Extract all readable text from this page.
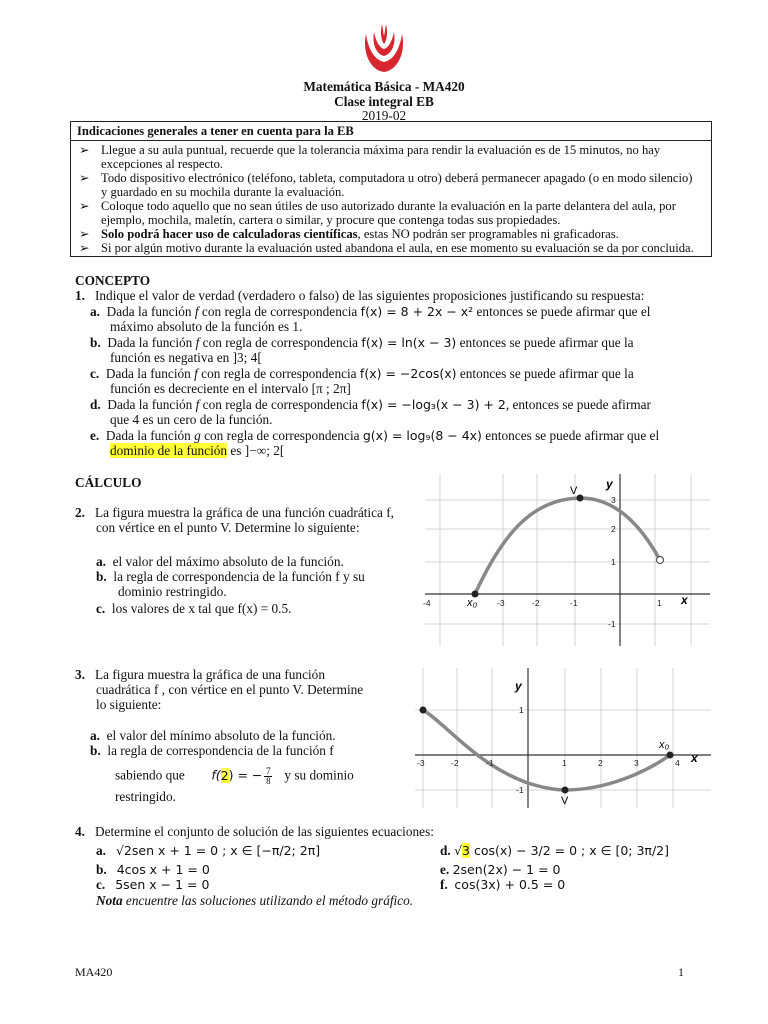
Matemática Básica - MA420
Clase integral EB
2019-02
Indicaciones generales a tener en cuenta para la EB
➢ Llegue a su aula puntual, recuerde que la tolerancia máxima para rendir la evaluación es de 15 minutos, no hay
excepciones al respecto.
➢ Todo dispositivo electrónico (teléfono, tableta, computadora u otro) deberá permanecer apagado (o en modo silencio)
y guardado en su mochila durante la evaluación.
➢ Coloque todo aquello que no sean útiles de uso autorizado durante la evaluación en la parte delantera del aula, por
ejemplo, mochila, maletín, cartera o similar, y procure que contenga todas sus propiedades.
➢ Solo podrá hacer uso de calculadoras científicas, estas NO podrán ser programables ni graficadoras.
➢ Si por algún motivo durante la evaluación usted abandona el aula, en ese momento su evaluación se da por concluida.
CONCEPTO
1. Indique el valor de verdad (verdadero o falso) de las siguientes proposiciones justificando su respuesta:
a. Dada la función f con regla de correspondencia f(x) = 8 + 2x − x² entonces se puede afirmar que el
máximo absoluto de la función es 1.
b. Dada la función f con regla de correspondencia f(x) = ln(x − 3) entonces se puede afirmar que la
función es negativa en ]3; 4[
c. Dada la función f con regla de correspondencia f(x) = −2cos(x) entonces se puede afirmar que la
función es decreciente en el intervalo [π ; 2π]
d. Dada la función f con regla de correspondencia f(x) = −log₃(x − 3) + 2, entonces se puede afirmar
que 4 es un cero de la función.
e. Dada la función g con regla de correspondencia g(x) = log₉(8 − 4x) entonces se puede afirmar que el
dominio de la función es ]−∞; 2[
CÁLCULO
2. La figura muestra la gráfica de una función cuadrática f,
con vértice en el punto V. Determine lo siguiente:
a. el valor del máximo absoluto de la función.
b. la regla de correspondencia de la función f y su
dominio restringido.
c. los valores de x tal que f(x) = 0.5.
V
x₀	x
y
-4	-3	-2	-1	1
3
2
1
-1
3. La figura muestra la gráfica de una función
cuadrática f , con vértice en el punto V. Determine
lo siguiente:
a. el valor del mínimo absoluto de la función.
b. la regla de correspondencia de la función f
sabiendo que f(2) = − $\frac{7}{8}$ y su dominio
restringido.	V
x₀
x
y
-3	-2	-1	1	2	3	4
1
-1
4. Determine el conjunto de solución de las siguientes ecuaciones:
a. √2sen x + 1 = 0 ; x ∈ [−π/2; 2π]	d. √3 cos(x) − 3/2 = 0 ; x ∈ [0; 3π/2]
b. 4cos x + 1 = 0	e. 2sen(2x) − 1 = 0
c. 5sen x − 1 = 0	f. cos(3x) + 0.5 = 0
Nota encuentre las soluciones utilizando el método gráfico.
MA420	1
